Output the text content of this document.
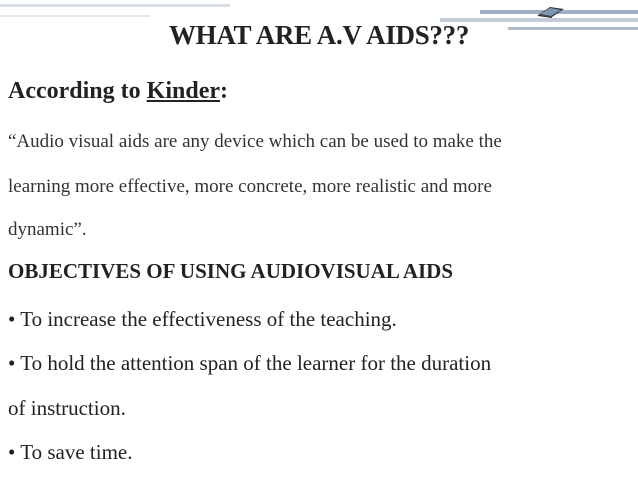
WHAT ARE A.V AIDS???
According to Kinder:
“Audio visual aids are any device which can be used to make the
learning more effective, more concrete, more realistic and more
dynamic”.
OBJECTIVES OF USING AUDIOVISUAL AIDS
• To increase the effectiveness of the teaching.
• To hold the attention span of the learner for the duration
of instruction.
• To save time.
